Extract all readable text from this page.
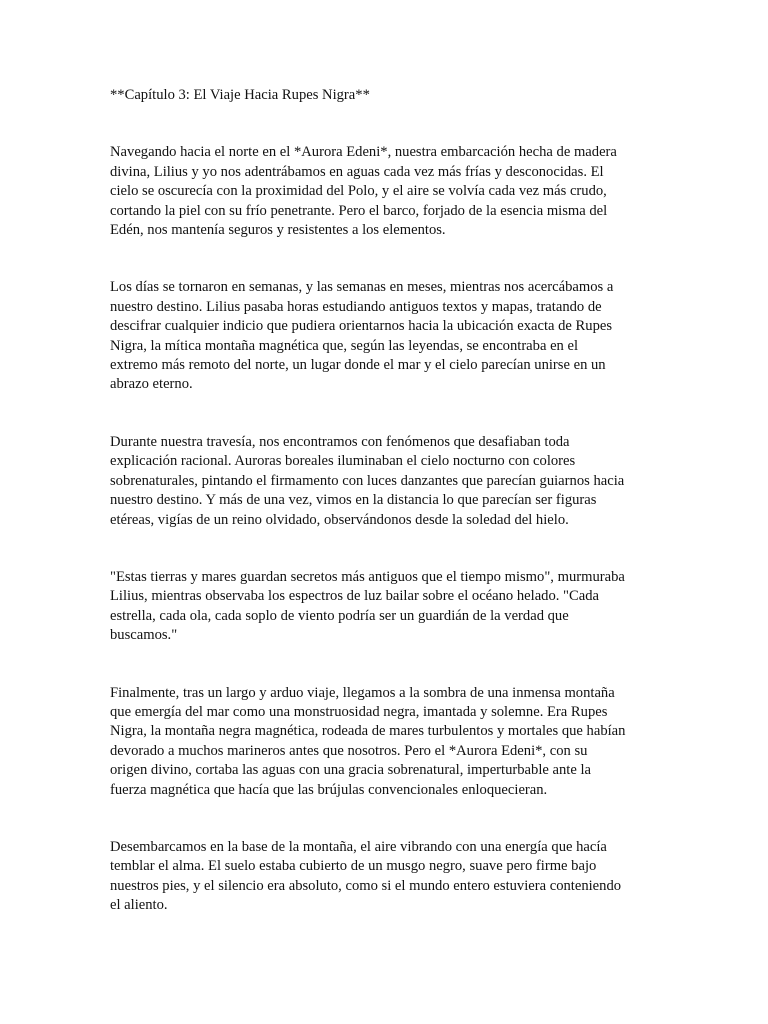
**Capítulo 3: El Viaje Hacia Rupes Nigra**

Navegando hacia el norte en el *Aurora Edeni*, nuestra embarcación hecha de madera
divina, Lilius y yo nos adentrábamos en aguas cada vez más frías y desconocidas. El
cielo se oscurecía con la proximidad del Polo, y el aire se volvía cada vez más crudo,
cortando la piel con su frío penetrante. Pero el barco, forjado de la esencia misma del
Edén, nos mantenía seguros y resistentes a los elementos.

Los días se tornaron en semanas, y las semanas en meses, mientras nos acercábamos a
nuestro destino. Lilius pasaba horas estudiando antiguos textos y mapas, tratando de
descifrar cualquier indicio que pudiera orientarnos hacia la ubicación exacta de Rupes
Nigra, la mítica montaña magnética que, según las leyendas, se encontraba en el
extremo más remoto del norte, un lugar donde el mar y el cielo parecían unirse en un
abrazo eterno.

Durante nuestra travesía, nos encontramos con fenómenos que desafiaban toda
explicación racional. Auroras boreales iluminaban el cielo nocturno con colores
sobrenaturales, pintando el firmamento con luces danzantes que parecían guiarnos hacia
nuestro destino. Y más de una vez, vimos en la distancia lo que parecían ser figuras
etéreas, vigías de un reino olvidado, observándonos desde la soledad del hielo.

"Estas tierras y mares guardan secretos más antiguos que el tiempo mismo", murmuraba
Lilius, mientras observaba los espectros de luz bailar sobre el océano helado. "Cada
estrella, cada ola, cada soplo de viento podría ser un guardián de la verdad que
buscamos."

Finalmente, tras un largo y arduo viaje, llegamos a la sombra de una inmensa montaña
que emergía del mar como una monstruosidad negra, imantada y solemne. Era Rupes
Nigra, la montaña negra magnética, rodeada de mares turbulentos y mortales que habían
devorado a muchos marineros antes que nosotros. Pero el *Aurora Edeni*, con su
origen divino, cortaba las aguas con una gracia sobrenatural, imperturbable ante la
fuerza magnética que hacía que las brújulas convencionales enloquecieran.

Desembarcamos en la base de la montaña, el aire vibrando con una energía que hacía
temblar el alma. El suelo estaba cubierto de un musgo negro, suave pero firme bajo
nuestros pies, y el silencio era absoluto, como si el mundo entero estuviera conteniendo
el aliento.
